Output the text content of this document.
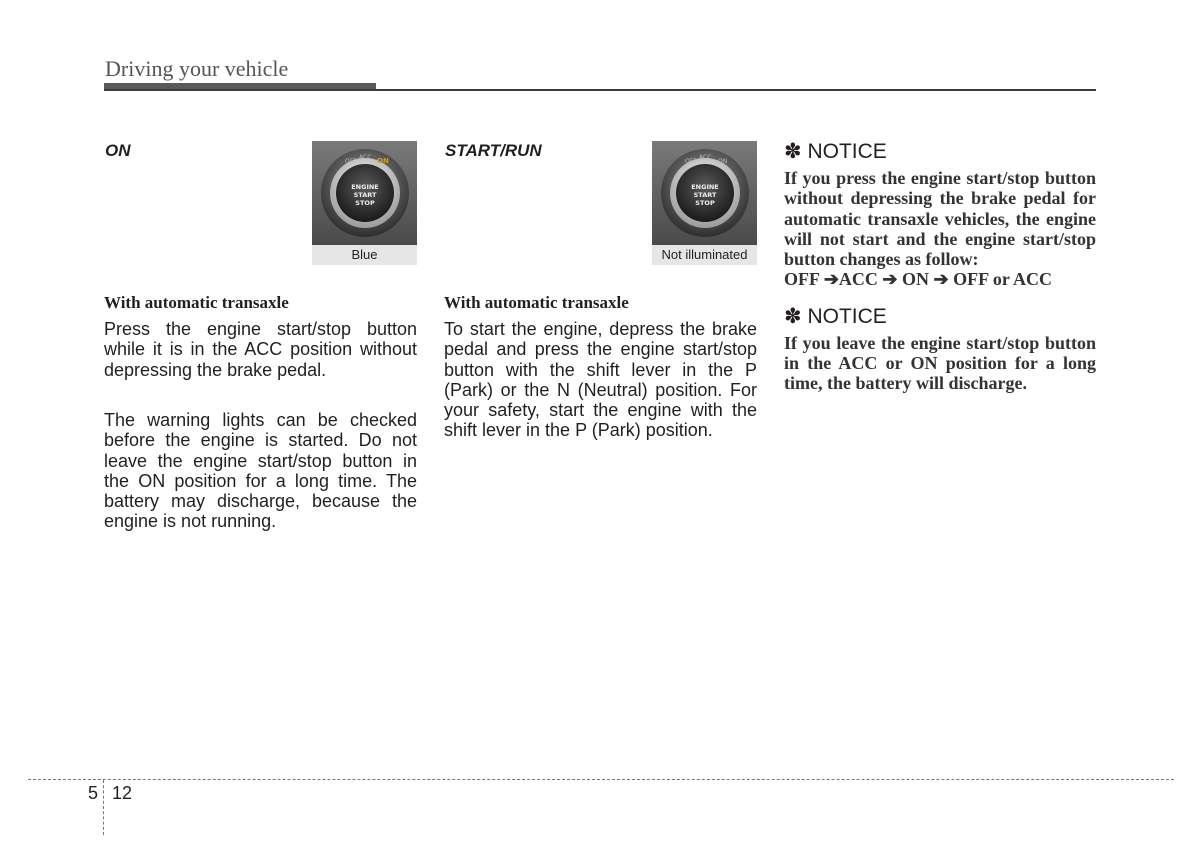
Driving your vehicle
ON
OFF
ACC ON
ENGINE
START
STOP
Blue
With automatic transaxle

Press the engine start/stop button while it is in the ACC position without depressing the brake pedal.

The warning lights can be checked before the engine is started. Do not leave the engine start/stop button in the ON position for a long time. The battery may discharge, because the engine is not running.

START/RUN
OFF
ACC
ON
ENGINE
START
STOP
Not illuminated
With automatic transaxle

To start the engine, depress the brake pedal and press the engine start/stop button with the shift lever in the P (Park) or the N (Neutral) position. For your safety, start the engine with the shift lever in the P (Park) position.

✽ NOTICE

If you press the engine start/stop button without depressing the brake pedal for automatic transaxle vehicles, the engine will not start and the engine start/stop button changes as follow:

OFF ➔ACC ➔ ON ➔ OFF or ACC

✽ NOTICE

If you leave the engine start/stop button in the ACC or ON position for a long time, the battery will discharge.

5 12
